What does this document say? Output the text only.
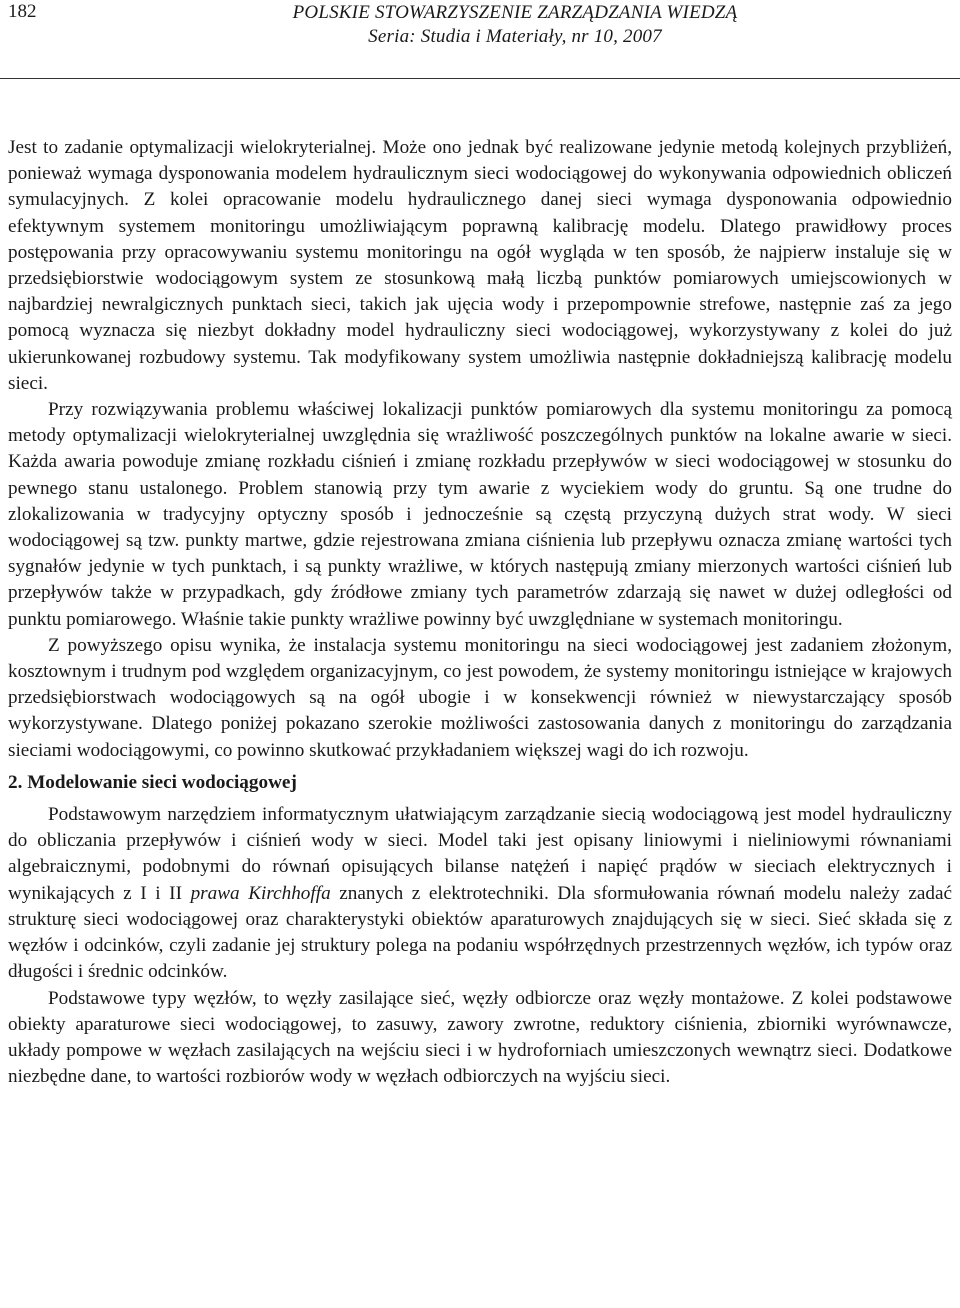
182	POLSKIE STOWARZYSZENIE ZARZĄDZANIA WIEDZĄ
Seria: Studia i Materiały, nr 10, 2007

Jest to zadanie optymalizacji wielokryterialnej. Może ono jednak być realizowane jedynie metodą kolejnych przybliżeń, ponieważ wymaga dysponowania modelem hydraulicznym sieci wodociągowej do wykonywania odpowiednich obliczeń symulacyjnych. Z kolei opracowanie modelu hydraulicznego danej sieci wymaga dysponowania odpowiednio efektywnym systemem monitoringu umożliwiającym poprawną kalibrację modelu. Dlatego prawidłowy proces postępowania przy opracowywaniu systemu monitoringu na ogół wygląda w ten sposób, że najpierw instaluje się w przedsiębiorstwie wodociągowym system ze stosunkową małą liczbą punktów pomiarowych umiejscowionych w najbardziej newralgicznych punktach sieci, takich jak ujęcia wody i przepompownie strefowe, następnie zaś za jego pomocą wyznacza się niezbyt dokładny model hydrauliczny sieci wodociągowej, wykorzystywany z kolei do już ukierunkowanej rozbudowy systemu. Tak modyfikowany system umożliwia następnie dokładniejszą kalibrację modelu sieci.

Przy rozwiązywania problemu właściwej lokalizacji punktów pomiarowych dla systemu monitoringu za pomocą metody optymalizacji wielokryterialnej uwzględnia się wrażliwość poszczególnych punktów na lokalne awarie w sieci. Każda awaria powoduje zmianę rozkładu ciśnień i zmianę rozkładu przepływów w sieci wodociągowej w stosunku do pewnego stanu ustalonego. Problem stanowią przy tym awarie z wyciekiem wody do gruntu. Są one trudne do zlokalizowania w tradycyjny optyczny sposób i jednocześnie są częstą przyczyną dużych strat wody. W sieci wodociągowej są tzw. punkty martwe, gdzie rejestrowana zmiana ciśnienia lub przepływu oznacza zmianę wartości tych sygnałów jedynie w tych punktach, i są punkty wrażliwe, w których następują zmiany mierzonych wartości ciśnień lub przepływów także w przypadkach, gdy źródłowe zmiany tych parametrów zdarzają się nawet w dużej odległości od punktu pomiarowego. Właśnie takie punkty wrażliwe powinny być uwzględniane w systemach monitoringu.

Z powyższego opisu wynika, że instalacja systemu monitoringu na sieci wodociągowej jest zadaniem złożonym, kosztownym i trudnym pod względem organizacyjnym, co jest powodem, że systemy monitoringu istniejące w krajowych przedsiębiorstwach wodociągowych są na ogół ubogie i w konsekwencji również w niewystarczający sposób wykorzystywane. Dlatego poniżej pokazano szerokie możliwości zastosowania danych z monitoringu do zarządzania sieciami wodociągowymi, co powinno skutkować przykładaniem większej wagi do ich rozwoju.

2. Modelowanie sieci wodociągowej

Podstawowym narzędziem informatycznym ułatwiającym zarządzanie siecią wodociągową jest model hydrauliczny do obliczania przepływów i ciśnień wody w sieci. Model taki jest opisany liniowymi i nieliniowymi równaniami algebraicznymi, podobnymi do równań opisujących bilanse natężeń i napięć prądów w sieciach elektrycznych i wynikających z I i II prawa Kirchhoffa znanych z elektrotechniki. Dla sformułowania równań modelu należy zadać strukturę sieci wodociągowej oraz charakterystyki obiektów aparaturowych znajdujących się w sieci. Sieć składa się z węzłów i odcinków, czyli zadanie jej struktury polega na podaniu współrzędnych przestrzennych węzłów, ich typów oraz długości i średnic odcinków.

Podstawowe typy węzłów, to węzły zasilające sieć, węzły odbiorcze oraz węzły montażowe. Z kolei podstawowe obiekty aparaturowe sieci wodociągowej, to zasuwy, zawory zwrotne, reduktory ciśnienia, zbiorniki wyrównawcze, układy pompowe w węzłach zasilających na wejściu sieci i w hydroforniach umieszczonych wewnątrz sieci. Dodatkowe niezbędne dane, to wartości rozbiorów wody w węzłach odbiorczych na wyjściu sieci.
